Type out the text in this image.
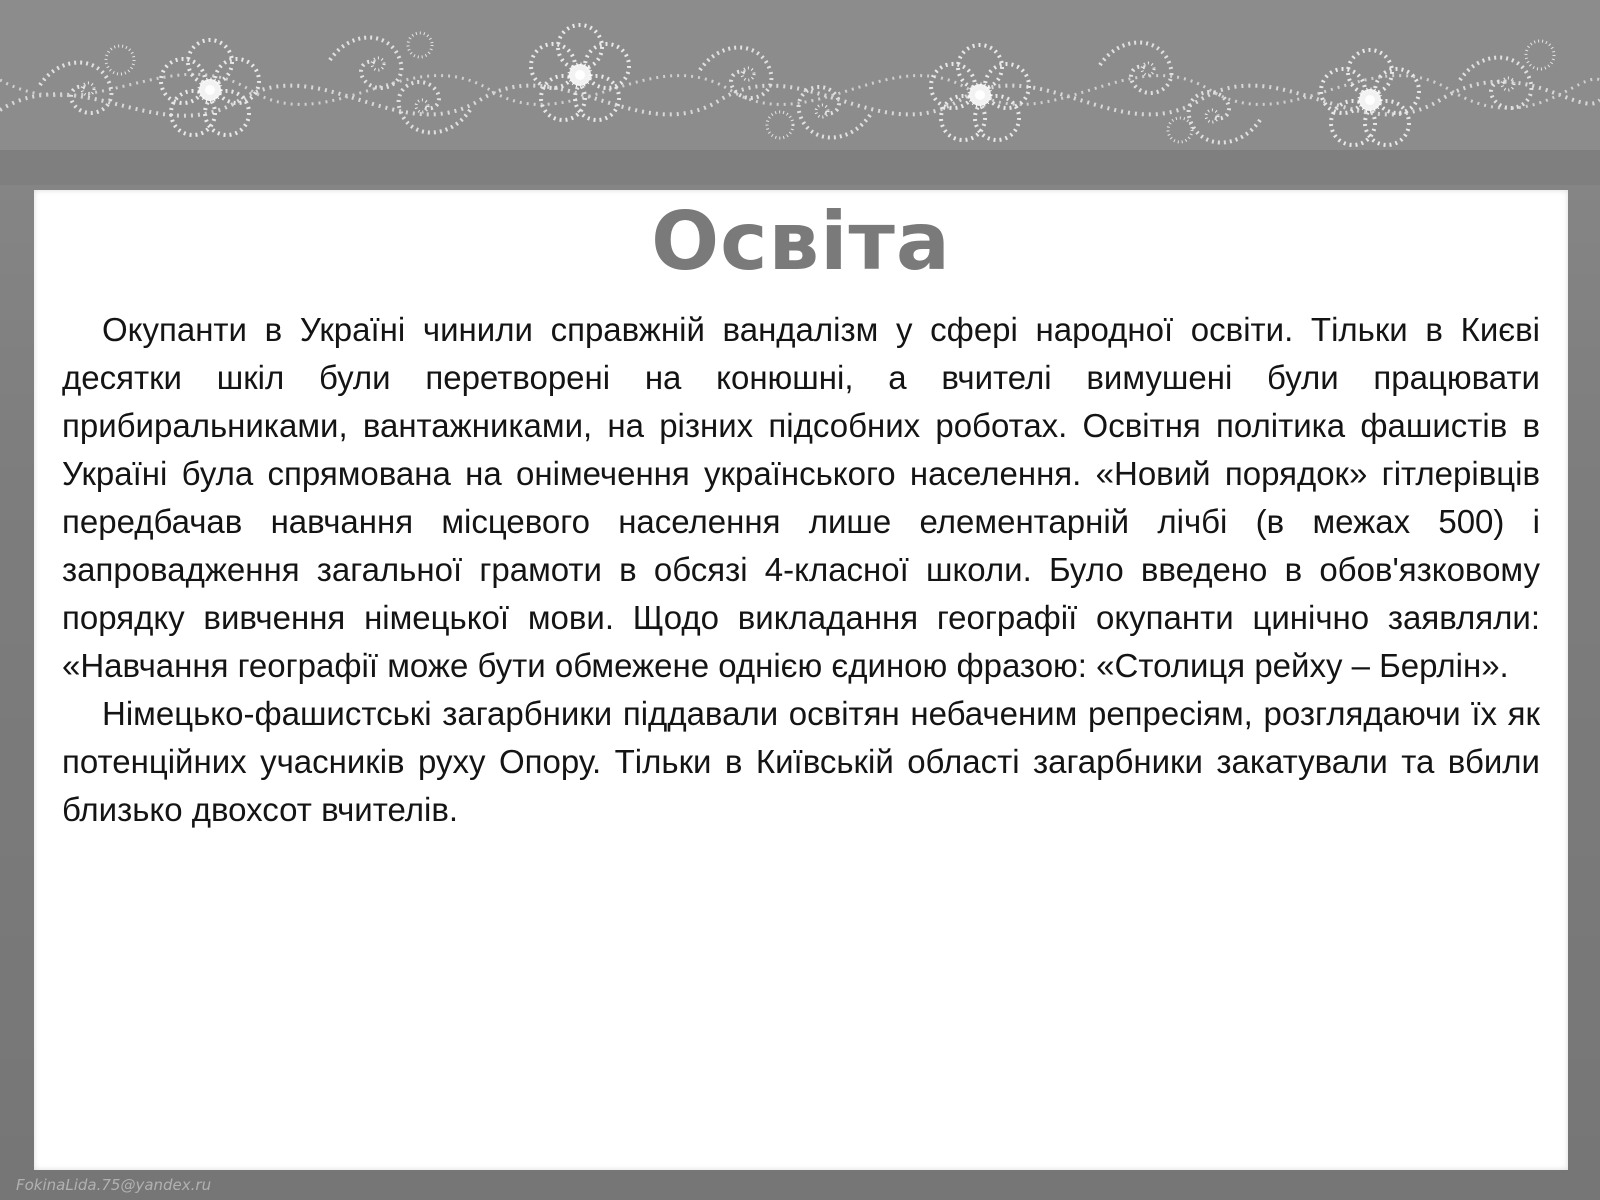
Освіта

Окупанти в Україні чинили справжній вандалізм у сфері народної освіти. Тільки в Києві десятки шкіл були перетворені на конюшні, а вчителі вимушені були працювати прибиральниками, вантажниками, на різних підсобних роботах. Освітня політика фашистів в Україні була спрямована на онімечення українського населення. «Новий порядок» гітлерівців передбачав навчання місцевого населення лише елементарній лічбі (в межах 500) і запровадження загальної грамоти в обсязі 4-класної школи. Було введено в обов'язковому порядку вивчення німецької мови. Щодо викладання географії окупанти цинічно заявляли: «Навчання географії може бути обмежене однією єдиною фразою: «Столиця рейху – Берлін».

Німецько-фашистські загарбники піддавали освітян небаченим репресіям, розглядаючи їх як потенційних учасників руху Опору. Тільки в Київській області загарбники закатували та вбили близько двохсот вчителів.

FokinaLida.75@yandex.ru
